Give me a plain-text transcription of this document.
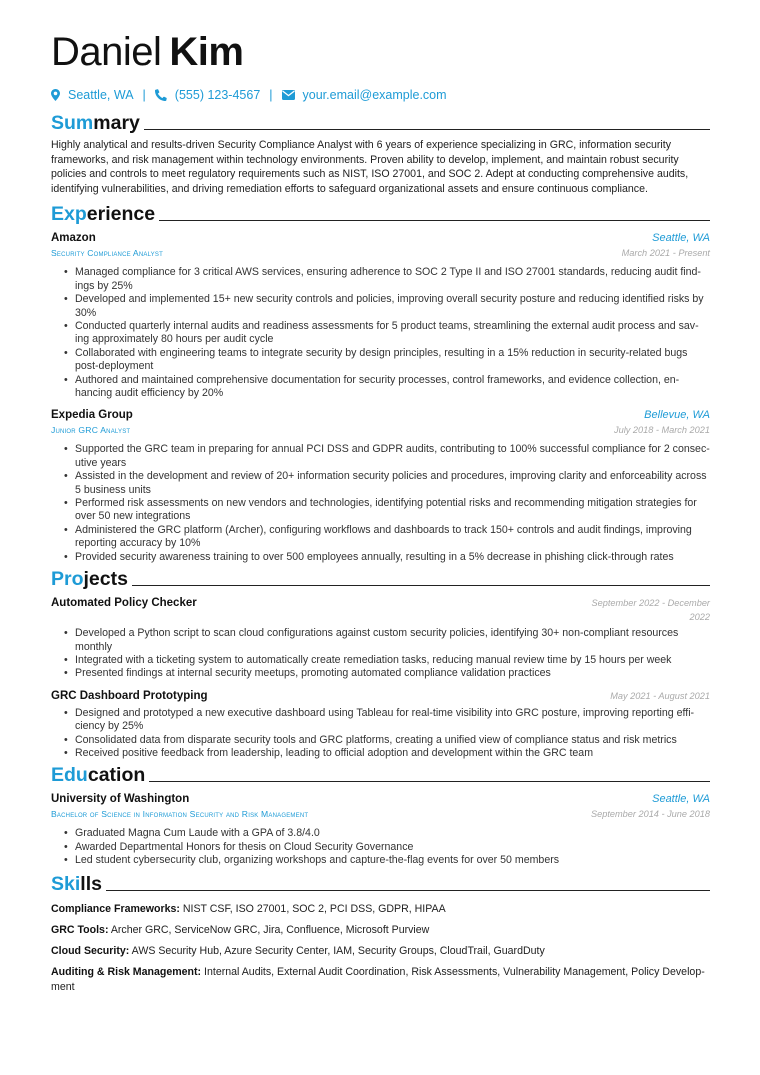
Daniel Kim
Seattle, WA | (555) 123-4567 | your.email@example.com
Summary

Highly analytical and results-driven Security Compliance Analyst with 6 years of experience specializing in GRC, information security frameworks, and risk management within technology environments. Proven ability to develop, implement, and maintain robust security policies and controls to meet regulatory requirements such as NIST, ISO 27001, and SOC 2. Adept at conducting comprehensive audits, identifying vulnerabilities, and driving remediation efforts to safeguard organizational assets and ensure continuous compliance.

Experience
Amazon	Seattle, WA
Security Compliance Analyst	March 2021 - Present
• Managed compliance for 3 critical AWS services, ensuring adherence to SOC 2 Type II and ISO 27001 standards, reducing audit find-ings by 25%
• Developed and implemented 15+ new security controls and policies, improving overall security posture and reducing identified risks by 30%
• Conducted quarterly internal audits and readiness assessments for 5 product teams, streamlining the external audit process and sav-ing approximately 80 hours per audit cycle
• Collaborated with engineering teams to integrate security by design principles, resulting in a 15% reduction in security-related bugs post-deployment
• Authored and maintained comprehensive documentation for security processes, control frameworks, and evidence collection, en-hancing audit efficiency by 20%
Expedia Group	Bellevue, WA
Junior GRC Analyst	July 2018 - March 2021
• Supported the GRC team in preparing for annual PCI DSS and GDPR audits, contributing to 100% successful compliance for 2 consec-utive years
• Assisted in the development and review of 20+ information security policies and procedures, improving clarity and enforceability across 5 business units
• Performed risk assessments on new vendors and technologies, identifying potential risks and recommending mitigation strategies for over 50 new integrations
• Administered the GRC platform (Archer), configuring workflows and dashboards to track 150+ controls and audit findings, improving reporting accuracy by 10%
• Provided security awareness training to over 500 employees annually, resulting in a 5% decrease in phishing click-through rates
Projects
Automated Policy Checker	September 2022 - December 2022
• Developed a Python script to scan cloud configurations against custom security policies, identifying 30+ non-compliant resources monthly
• Integrated with a ticketing system to automatically create remediation tasks, reducing manual review time by 15 hours per week
• Presented findings at internal security meetups, promoting automated compliance validation practices
GRC Dashboard Prototyping	May 2021 - August 2021
• Designed and prototyped a new executive dashboard using Tableau for real-time visibility into GRC posture, improving reporting effi-ciency by 25%
• Consolidated data from disparate security tools and GRC platforms, creating a unified view of compliance status and risk metrics
• Received positive feedback from leadership, leading to official adoption and development within the GRC team
Education
University of Washington	Seattle, WA
Bachelor of Science in Information Security and Risk Management	September 2014 - June 2018
• Graduated Magna Cum Laude with a GPA of 3.8/4.0
• Awarded Departmental Honors for thesis on Cloud Security Governance
• Led student cybersecurity club, organizing workshops and capture-the-flag events for over 50 members
Skills

Compliance Frameworks: NIST CSF, ISO 27001, SOC 2, PCI DSS, GDPR, HIPAA

GRC Tools: Archer GRC, ServiceNow GRC, Jira, Confluence, Microsoft Purview

Cloud Security: AWS Security Hub, Azure Security Center, IAM, Security Groups, CloudTrail, GuardDuty

Auditing & Risk Management: Internal Audits, External Audit Coordination, Risk Assessments, Vulnerability Management, Policy Develop-ment
